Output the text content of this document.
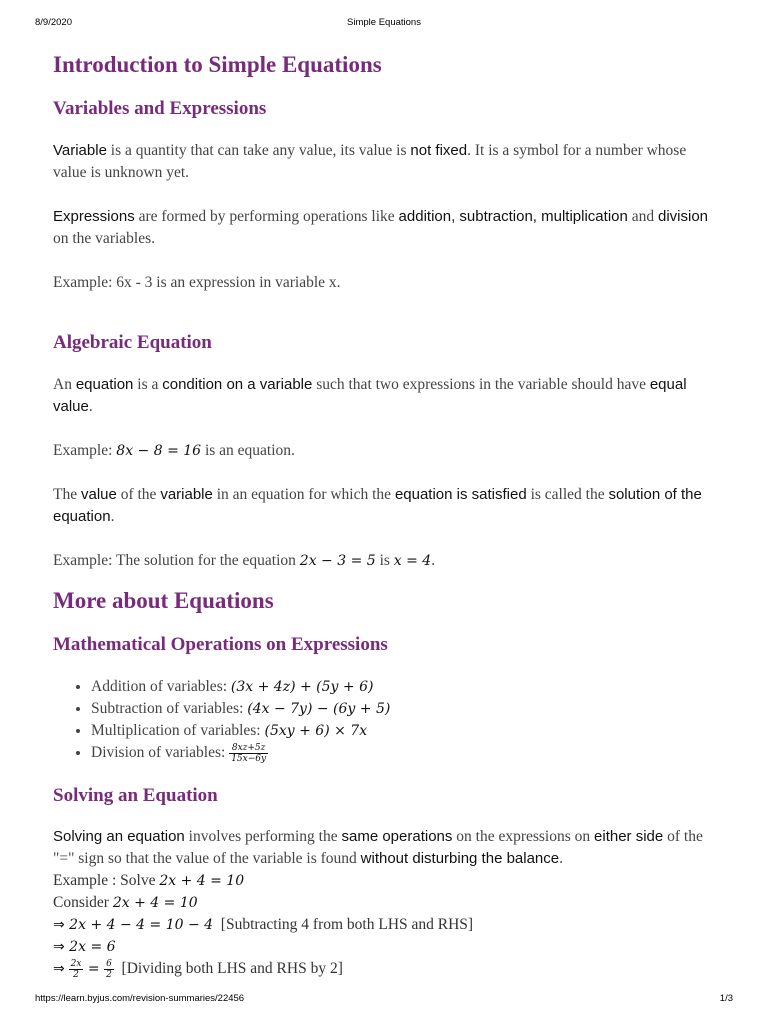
8/9/2020	Simple Equations
Introduction to Simple Equations
Variables and Expressions
Variable is a quantity that can take any value, its value is not fixed. It is a symbol for a number whose value is unknown yet.
Expressions are formed by performing operations like addition, subtraction, multiplication and division on the variables.
Example: 6x - 3 is an expression in variable x.
Algebraic Equation
An equation is a condition on a variable such that two expressions in the variable should have equal value.
Example: 8x − 8 = 16 is an equation.
The value of the variable in an equation for which the equation is satisfied is called the solution of the equation.
Example: The solution for the equation 2x − 3 = 5 is x = 4.
More about Equations
Mathematical Operations on Expressions
• Addition of variables: (3x + 4z) + (5y + 6)
• Subtraction of variables: (4x − 7y) − (6y + 5)
• Multiplication of variables: (5xy + 6) × 7x
• Division of variables: $\frac{8xz+5z}{15x-6y}$
Solving an Equation
Solving an equation involves performing the same operations on the expressions on either side of the "=" sign so that the value of the variable is found without disturbing the balance.
Example : Solve 2x + 4 = 10
Consider 2x + 4 = 10
⇒ 2x + 4 − 4 = 10 − 4  [Subtracting 4 from both LHS and RHS]
⇒ 2x = 6
⇒ $\frac{2x}{2} = \frac{6}{2}$ [Dividing both LHS and RHS by 2]
https://learn.byjus.com/revision-summaries/22456	1/3
